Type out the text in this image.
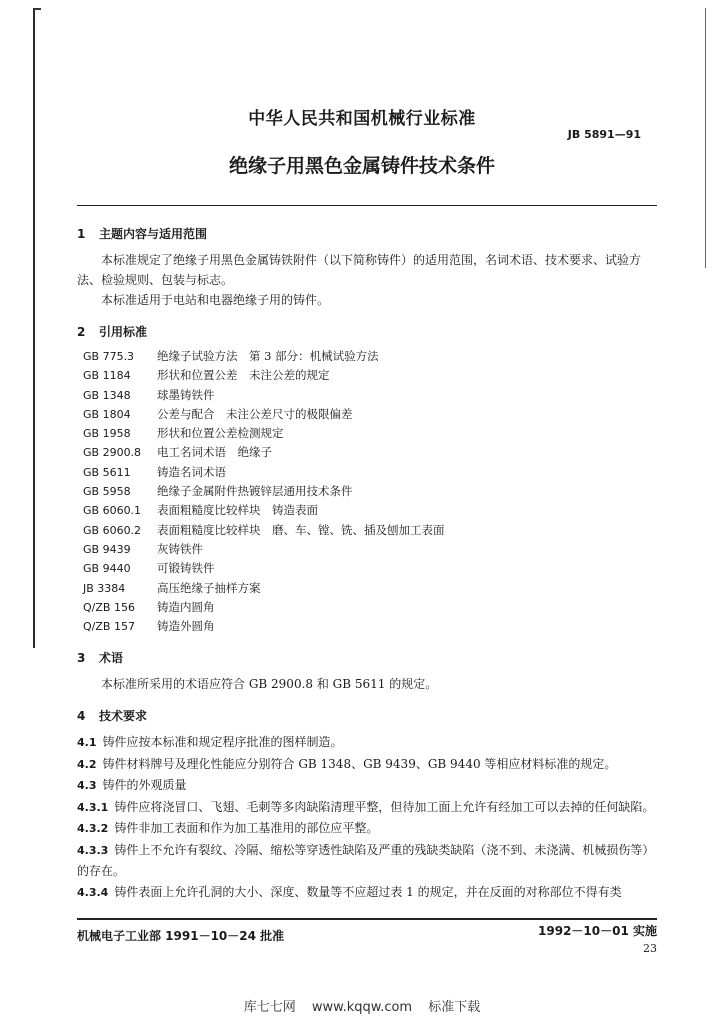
中华人民共和国机械行业标准
JB 5891—91
绝缘子用黑色金属铸件技术条件
1 主题内容与适用范围

本标准规定了绝缘子用黑色金属铸铁附件（以下简称铸件）的适用范围，名词术语、技术要求、试验方法、检验规则、包装与标志。

本标准适用于电站和电器绝缘子用的铸件。

2 引用标准
GB 775.3	绝缘子试验方法　第 3 部分：机械试验方法
GB 1184	形状和位置公差　未注公差的规定
GB 1348	球墨铸铁件
GB 1804	公差与配合　未注公差尺寸的极限偏差
GB 1958	形状和位置公差检测规定
GB 2900.8	电工名词术语　绝缘子
GB 5611	铸造名词术语
GB 5958	绝缘子金属附件热镀锌层通用技术条件
GB 6060.1	表面粗糙度比较样块　铸造表面
GB 6060.2	表面粗糙度比较样块　磨、车、镗、铣、插及刨加工表面
GB 9439	灰铸铁件
GB 9440	可锻铸铁件
JB 3384	高压绝缘子抽样方案
Q/ZB 156	铸造内圆角
Q/ZB 157	铸造外圆角
3 术语

本标准所采用的术语应符合 GB 2900.8 和 GB 5611 的规定。

4 技术要求

4.1 铸件应按本标准和规定程序批准的图样制造。

4.2 铸件材料牌号及理化性能应分别符合 GB 1348、GB 9439、GB 9440 等相应材料标准的规定。

4.3 铸件的外观质量

4.3.1 铸件应将浇冒口、飞翅、毛刺等多肉缺陷清理平整，但待加工面上允许有经加工可以去掉的任何缺陷。

4.3.2 铸件非加工表面和作为加工基准用的部位应平整。

4.3.3 铸件上不允许有裂纹、冷隔、缩松等穿透性缺陷及严重的残缺类缺陷（浇不到、未浇满、机械损伤等）的存在。

4.3.4 铸件表面上允许孔洞的大小、深度、数量等不应超过表 1 的规定，并在反面的对称部位不得有类

机械电子工业部 1991－10－24 批准	1992－10－01 实施
23
库七七网 www.kqqw.com 标准下载
